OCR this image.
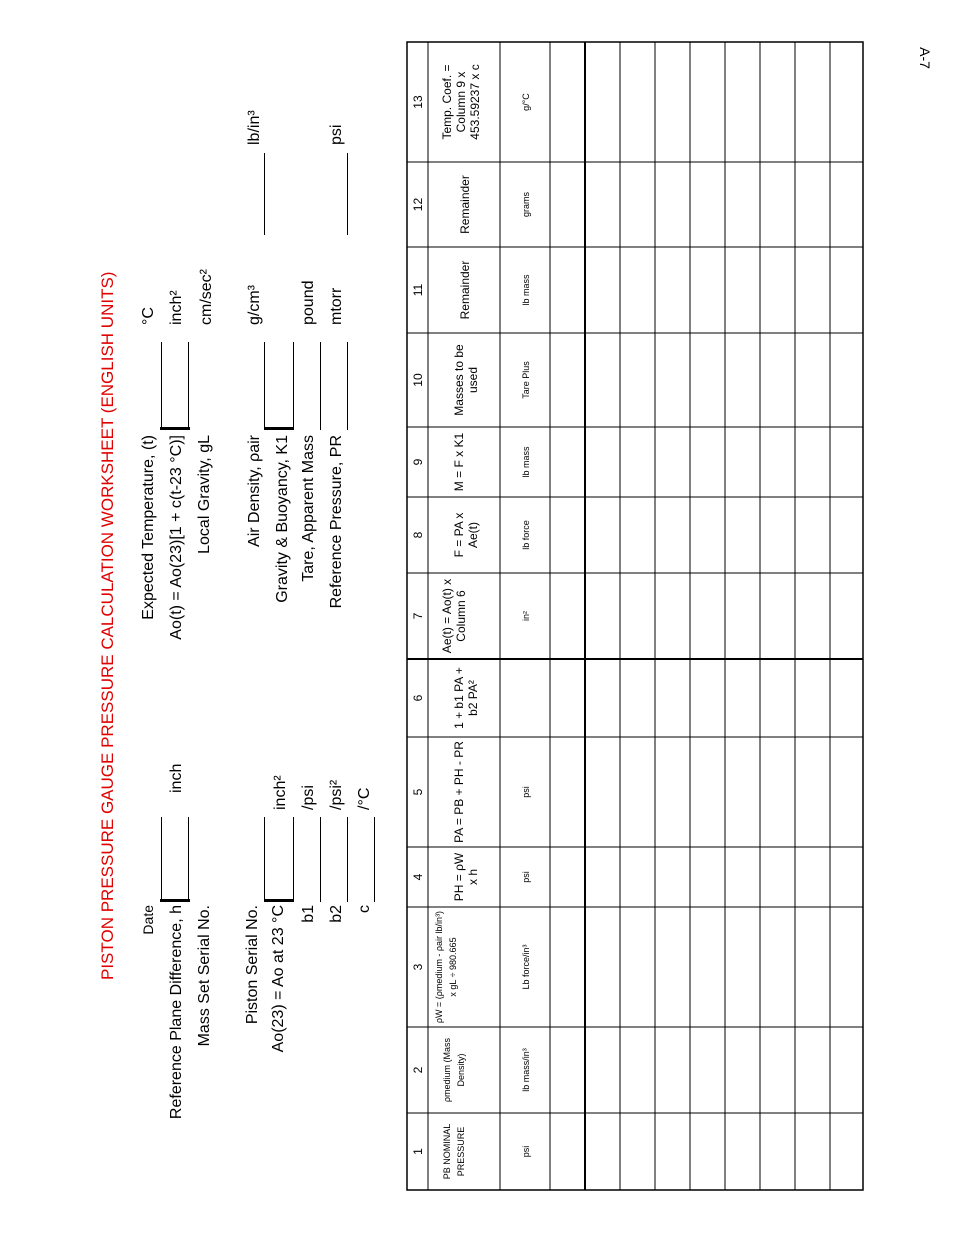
A-7
PISTON PRESSURE GAUGE PRESSURE CALCULATION WORKSHEET (ENGLISH UNITS) Date Reference Plane Difference, h
inch
Mass Set Serial No. Piston Serial No. Ao(23) = Ao at 23 °C
inch²
b1
/psi
b2
/psi²
c
/°C
Expected Temperature, (t)
°C
Ao(t) = Ao(23)[1 + c(t-23 °C)]
inch²
Local Gravity, gL
cm/sec²
Air Density, ρair
g/cm³
lb/in³
Gravity & Buoyancy, K1 Tare, Apparent Mass
pound
Reference Pressure, PR
mtorr
psi
1
2
3
4
5
6
7
8
9
10
11
12
13
PB NOMINAL PRESSURE
ρmedium (Mass Density)
ρW = (ρmedium - ρair lb/in³) x gL ÷ 980.665
PH = ρW x h
PA = PB + PH - PR
1 + b1 PA + b2 PA²
Ae(t) = Ao(t) x Column 6
F = PA x Ae(t)
M = F x K1
Masses to be used
Remainder
Remainder
Temp. Coef. = Column 9 x 453.59237 x c
psi
lb mass/in³
Lb force/in³
psi
psi
in²
lb force
lb mass
Tare Plus
lb mass
grams
g/°C
